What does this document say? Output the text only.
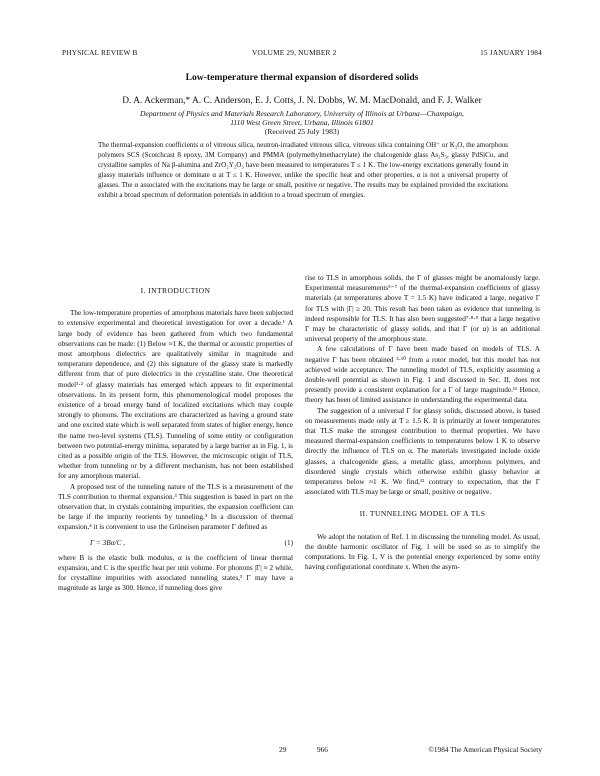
PHYSICAL REVIEW B	VOLUME 29, NUMBER 2	15 JANUARY 1984
Low-temperature thermal expansion of disordered solids
D. A. Ackerman,* A. C. Anderson, E. J. Cotts, J. N. Dobbs, W. M. MacDonald, and F. J. Walker
Department of Physics and Materials Research Laboratory, University of Illinois at Urbana—Champaign,
1110 West Green Street, Urbana, Illinois 61801
(Received 25 July 1983)
The thermal-expansion coefficients α of vitreous silica, neutron-irradiated vitreous silica, vitreous silica containing OH⁻ or K₂O, the amorphous polymers SCS (Scotchcast 8 epoxy, 3M Company) and PMMA (polymethylmethacrylate) the chalcogenide glass As₂S₃, glassy PdSiCu, and crystalline samples of Na β-alumina and ZrO₂Y₂O₃ have been measured to temperatures T ≤ 1 K. The low-energy excitations generally found in glassy materials influence or dominate α at T ≤ 1 K. However, unlike the specific heat and other properties, α is not a universal property of glasses. The α associated with the excitations may be large or small, positive or negative. The results may be explained provided the excitations exhibit a broad spectrum of deformation potentials in addition to a broad spectrum of energies.
I. INTRODUCTION

The low-temperature properties of amorphous materials have been subjected to extensive experimental and theoretical investigation for over a decade.¹ A large body of evidence has been gathered from which two fundamental observations can be made: (1) Below ≈1 K, the thermal or acoustic properties of most amorphous dielectrics are qualitatively similar in magnitude and temperature dependence, and (2) this signature of the glassy state is markedly different from that of pure dielectrics in the crystalline state. One theoretical model¹·² of glassy materials has emerged which appears to fit experimental observations. In its present form, this phenomenological model proposes the existence of a broad energy band of localized excitations which may couple strongly to phonons. The excitations are characterized as having a ground state and one excited state which is well separated from states of higher energy, hence the name two-level systems (TLS). Tunneling of some entity or configuration between two potential-energy minima, separated by a large barrier as in Fig. 1, is cited as a possible origin of the TLS. However, the microscopic origin of TLS, whether from tunneling or by a different mechanism, has not been established for any amorphous material.

A proposed test of the tunneling nature of the TLS is a measurement of the TLS contribution to thermal expansion.³ This suggestion is based in part on the observation that, in crystals containing impurities, the expansion coefficient can be large if the impurity reorients by tunneling.³ In a discussion of thermal expansion,⁴ it is convenient to use the Grüneisen parameter Γ defined as

Γ = 3Bα/C ,	(1)

where B is the elastic bulk modulus, α is the coefficient of linear thermal expansion, and C is the specific heat per unit volume. For phonons |Γ| ≈ 2 while, for crystalline impurities with associated tunneling states,³ Γ may have a magnitude as large as 300. Hence, if tunneling does give

rise to TLS in amorphous solids, the Γ of glasses might be anomalously large. Experimental measurements⁵⁻⁷ of the thermal-expansion coefficients of glassy materials (at temperatures above T = 1.5 K) have indicated a large, negative Γ for TLS with |Γ| ≥ 20. This result has been taken as evidence that tunneling is indeed responsible for TLS. It has also been suggested⁷·⁸·⁹ that a large negative Γ may be characteristic of glassy solids, and that Γ (or α) is an additional universal property of the amorphous state.

A few calculations of Γ have been made based on models of TLS. A negative Γ has been obtained ³·¹⁰ from a rotor model, but this model has not achieved wide acceptance. The tunneling model of TLS, explicitly assuming a double-well potential as shown in Fig. 1 and discussed in Sec. II, does not presently provide a consistent explanation for a Γ of large magnitude.¹¹ Hence, theory has been of limited assistance in understanding the experimental data.

The suggestion of a universal Γ for glassy solids, discussed above, is based on measurements made only at T ≥ 1.5 K. It is primarily at lower temperatures that TLS make the strongest contribution to thermal properties. We have measured thermal-expansion coefficients to temperatures below 1 K to observe directly the influence of TLS on α. The materials investigated include oxide glasses, a chalcogenide glass, a metallic glass, amorphous polymers, and disordered single crystals which otherwise exhibit glassy behavior at temperatures below ≈1 K. We find,¹² contrary to expectation, that the Γ associated with TLS may be large or small, positive or negative.

II. TUNNELING MODEL OF A TLS

We adopt the notation of Ref. 1 in discussing the tunneling model. As usual, the double harmonic oscillator of Fig. 1 will be used so as to simplify the computations. In Fig. 1, V is the potential energy experienced by some entity having configurational coordinate x. When the asym-

29	966	©1984 The American Physical Society
